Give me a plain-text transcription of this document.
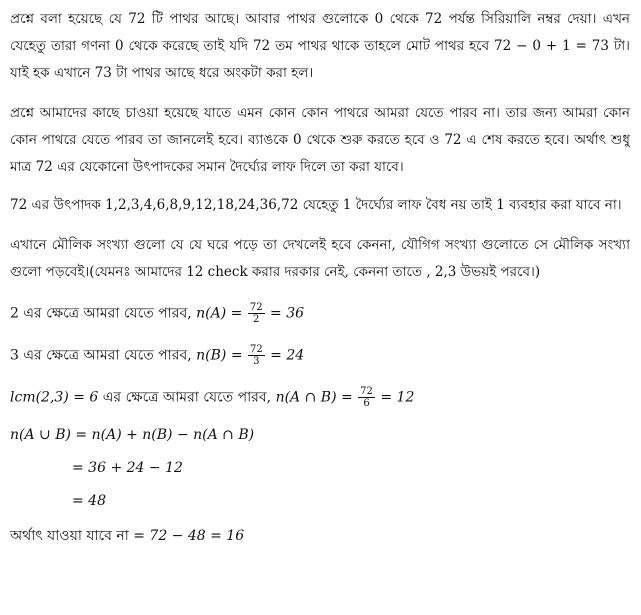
প্রশ্নে বলা হয়েছে যে 72 টি পাথর আছে। আবার পাথর গুলোকে 0 থেকে 72 পর্যন্ত সিরিয়ালি নম্বর দেয়া। এখন যেহেতু তারা গণনা 0 থেকে করেছে তাই যদি 72 তম পাথর থাকে তাহলে মোট পাথর হবে 72 − 0 + 1 = 73 টা। যাই হক এখানে 73 টা পাথর আছে ধরে অংকটা করা হল।
প্রশ্নে আমাদের কাছে চাওয়া হয়েছে যাতে এমন কোন কোন পাথরে আমরা যেতে পারব না। তার জন্য আমরা কোন কোন পাথরে যেতে পারব তা জানলেই হবে। ব্যাঙকে 0 থেকে শুরু করতে হবে ও 72 এ শেষ করতে হবে। অর্থাৎ শুধু মাত্র 72 এর যেকোনো উৎপাদকের সমান দৈর্ঘ্যের লাফ দিলে তা করা যাবে।
72 এর উৎপাদক 1,2,3,4,6,8,9,12,18,24,36,72 যেহেতু 1 দৈর্ঘ্যের লাফ বৈধ নয় তাই 1 ব্যবহার করা যাবে না।
এখানে মৌলিক সংখ্যা গুলো যে যে ঘরে পড়ে তা দেখলেই হবে কেননা, যৌগিগ সংখ্যা গুলোতে সে মৌলিক সংখ্যা গুলো পড়বেই।(যেমনঃ আমাদের 12 check করার দরকার নেই, কেননা তাতে , 2,3 উভয়ই পরবে।)
2 এর ক্ষেত্রে আমরা যেতে পারব, $n(A) = \frac{72}{2} = 36$
3 এর ক্ষেত্রে আমরা যেতে পারব, $n(B) = \frac{72}{3} = 24$
lcm(2,3) = 6 এর ক্ষেত্রে আমরা যেতে পারব, n(A ∩ $B) = \frac{72}{6} = 12$
n(A ∪ B) = n(A) + n(B) − n(A ∩ B)
= 36 + 24 − 12
= 48
অর্থাৎ যাওয়া যাবে না = 72 − 48 = 16
